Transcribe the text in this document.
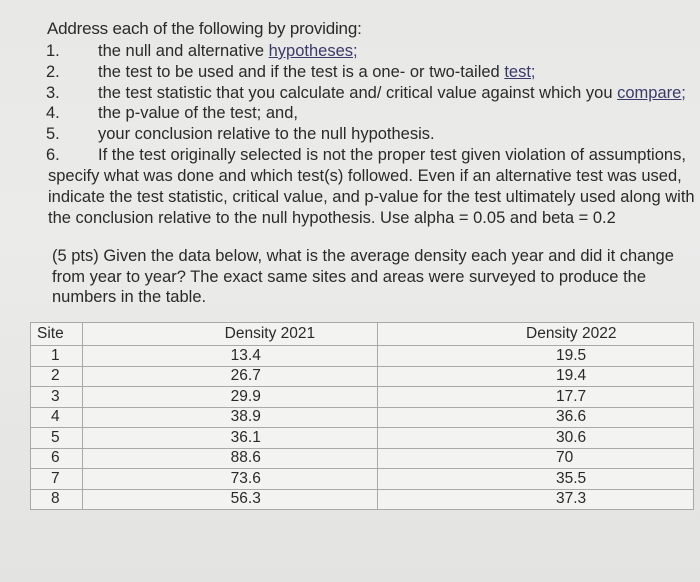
Address each of the following by providing:
1. the null and alternative hypotheses;
2. the test to be used and if the test is a one- or two-tailed test;
3. the test statistic that you calculate and/ critical value against which you compare;
4. the p-value of the test; and,
5. your conclusion relative to the null hypothesis.
6. If the test originally selected is not the proper test given violation of assumptions,
specify what was done and which test(s) followed. Even if an alternative test was used,
indicate the test statistic, critical value, and p-value for the test ultimately used along with
the conclusion relative to the null hypothesis. Use alpha = 0.05 and beta = 0.2
(5 pts) Given the data below, what is the average density each year and did it change
from year to year? The exact same sites and areas were surveyed to produce the
numbers in the table.
Site	Density 2021	Density 2022
1	13.4	19.5
2	26.7	19.4
3	29.9	17.7
4	38.9	36.6
5	36.1	30.6
6	88.6	70
7	73.6	35.5
8	56.3	37.3
